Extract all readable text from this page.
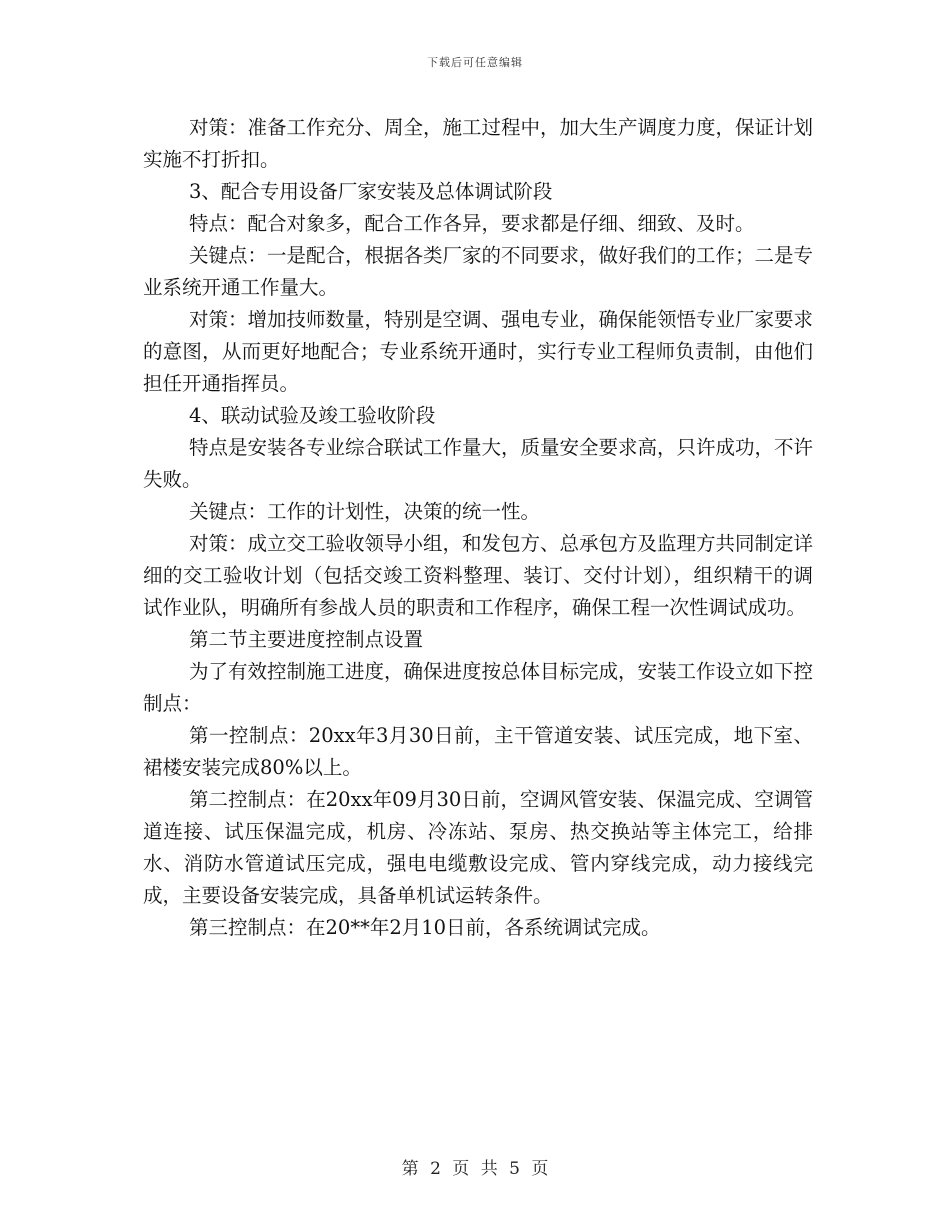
下载后可任意编辑

对策：准备工作充分、周全，施工过程中，加大生产调度力度，保证计划实施不打折扣。

3、配合专用设备厂家安装及总体调试阶段

特点：配合对象多，配合工作各异，要求都是仔细、细致、及时。

关键点：一是配合，根据各类厂家的不同要求，做好我们的工作；二是专业系统开通工作量大。

对策：增加技师数量，特别是空调、强电专业，确保能领悟专业厂家要求的意图，从而更好地配合；专业系统开通时，实行专业工程师负责制，由他们担任开通指挥员。

4、联动试验及竣工验收阶段

特点是安装各专业综合联试工作量大，质量安全要求高，只许成功，不许失败。

关键点：工作的计划性，决策的统一性。

对策：成立交工验收领导小组，和发包方、总承包方及监理方共同制定详细的交工验收计划（包括交竣工资料整理、装订、交付计划），组织精干的调试作业队，明确所有参战人员的职责和工作程序，确保工程一次性调试成功。

第二节主要进度控制点设置

为了有效控制施工进度，确保进度按总体目标完成，安装工作设立如下控制点：

第一控制点：20xx年3月30日前，主干管道安装、试压完成，地下室、裙楼安装完成80%以上。

第二控制点：在20xx年09月30日前，空调风管安装、保温完成、空调管道连接、试压保温完成，机房、冷冻站、泵房、热交换站等主体完工，给排水、消防水管道试压完成，强电电缆敷设完成、管内穿线完成，动力接线完成，主要设备安装完成，具备单机试运转条件。

第三控制点：在20**年2月10日前，各系统调试完成。

第 2 页 共 5 页
